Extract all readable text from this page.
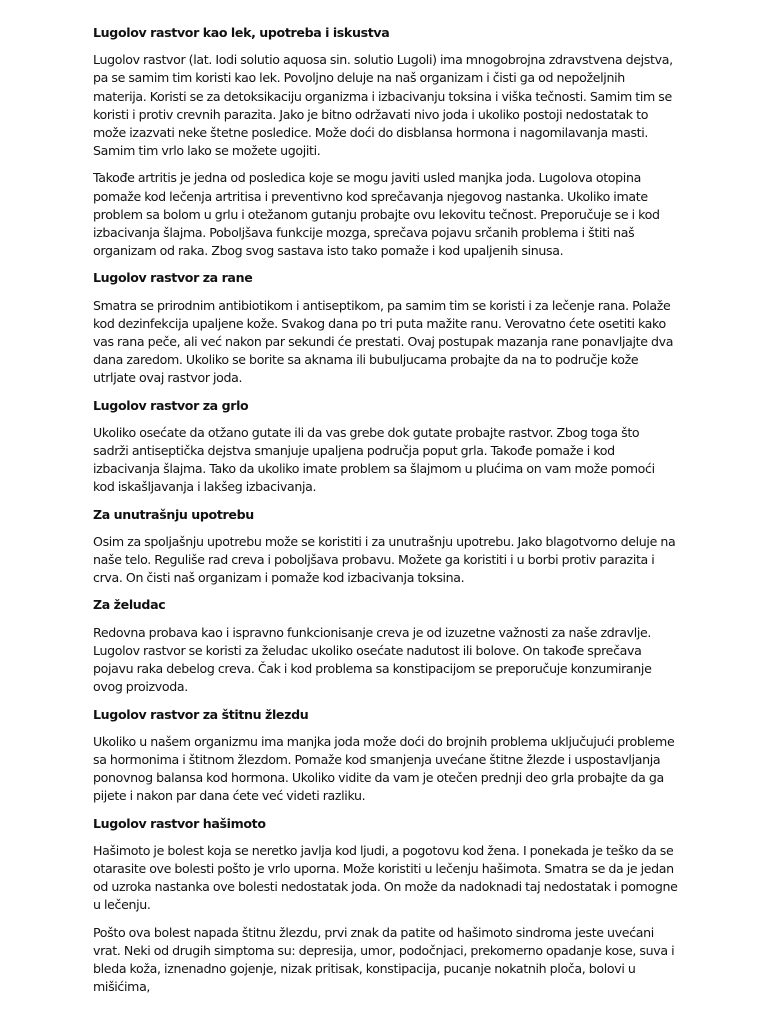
Lugolov rastvor kao lek, upotreba i iskustva
Lugolov rastvor (lat. Iodi solutio aquosa sin. solutio Lugoli) ima mnogobrojna zdravstvena dejstva, pa se samim tim koristi kao lek. Povoljno deluje na naš organizam i čisti ga od nepoželjnih materija. Koristi se za detoksikaciju organizma i izbacivanju toksina i viška tečnosti. Samim tim se koristi i protiv crevnih parazita. Jako je bitno održavati nivo joda i ukoliko postoji nedostatak to može izazvati neke štetne posledice. Može doći do disblansa hormona i nagomilavanja masti. Samim tim vrlo lako se možete ugojiti.
Takođe artritis je jedna od posledica koje se mogu javiti usled manjka joda. Lugolova otopina pomaže kod lečenja artritisa i preventivno kod sprečavanja njegovog nastanka. Ukoliko imate problem sa bolom u grlu i otežanom gutanju probajte ovu lekovitu tečnost. Preporučuje se i kod izbacivanja šlajma. Poboljšava funkcije mozga, sprečava pojavu srčanih problema i štiti naš organizam od raka. Zbog svog sastava isto tako pomaže i kod upaljenih sinusa.
Lugolov rastvor za rane
Smatra se prirodnim antibiotikom i antiseptikom, pa samim tim se koristi i za lečenje rana. Polaže kod dezinfekcija upaljene kože. Svakog dana po tri puta mažite ranu. Verovatno ćete osetiti kako vas rana peče, ali već nakon par sekundi će prestati. Ovaj postupak mazanja rane ponavljajte dva dana zaredom. Ukoliko se borite sa aknama ili bubuljucama probajte da na to područje kože utrljate ovaj rastvor joda.
Lugolov rastvor za grlo
Ukoliko osećate da otžano gutate ili da vas grebe dok gutate probajte rastvor. Zbog toga što sadrži antiseptička dejstva smanjuje upaljena područja poput grla. Takođe pomaže i kod izbacivanja šlajma. Tako da ukoliko imate problem sa šlajmom u plućima on vam može pomoći kod iskašljavanja i lakšeg izbacivanja.
Za unutrašnju upotrebu
Osim za spoljašnju upotrebu može se koristiti i za unutrašnju upotrebu. Jako blagotvorno deluje na naše telo. Reguliše rad creva i poboljšava probavu. Možete ga koristiti i u borbi protiv parazita i crva. On čisti naš organizam i pomaže kod izbacivanja toksina.
Za želudac
Redovna probava kao i ispravno funkcionisanje creva je od izuzetne važnosti za naše zdravlje. Lugolov rastvor se koristi za želudac ukoliko osećate nadutost ili bolove. On takođe sprečava pojavu raka debelog creva. Čak i kod problema sa konstipacijom se preporučuje konzumiranje ovog proizvoda.
Lugolov rastvor za štitnu žlezdu
Ukoliko u našem organizmu ima manjka joda može doći do brojnih problema uključujući probleme sa hormonima i štitnom žlezdom. Pomaže kod smanjenja uvećane štitne žlezde i uspostavljanja ponovnog balansa kod hormona. Ukoliko vidite da vam je otečen prednji deo grla probajte da ga pijete i nakon par dana ćete već videti razliku.
Lugolov rastvor hašimoto
Hašimoto je bolest koja se neretko javlja kod ljudi, a pogotovu kod žena. I ponekada je teško da se otarasite ove bolesti pošto je vrlo uporna. Može koristiti u lečenju hašimota. Smatra se da je jedan od uzroka nastanka ove bolesti nedostatak joda. On može da nadoknadi taj nedostatak i pomogne u lečenju.
Pošto ova bolest napada štitnu žlezdu, prvi znak da patite od hašimoto sindroma jeste uvećani vrat. Neki od drugih simptoma su: depresija, umor, podočnjaci, prekomerno opadanje kose, suva i bleda koža, iznenadno gojenje, nizak pritisak, konstipacija, pucanje nokatnih ploča, bolovi u mišićima,
